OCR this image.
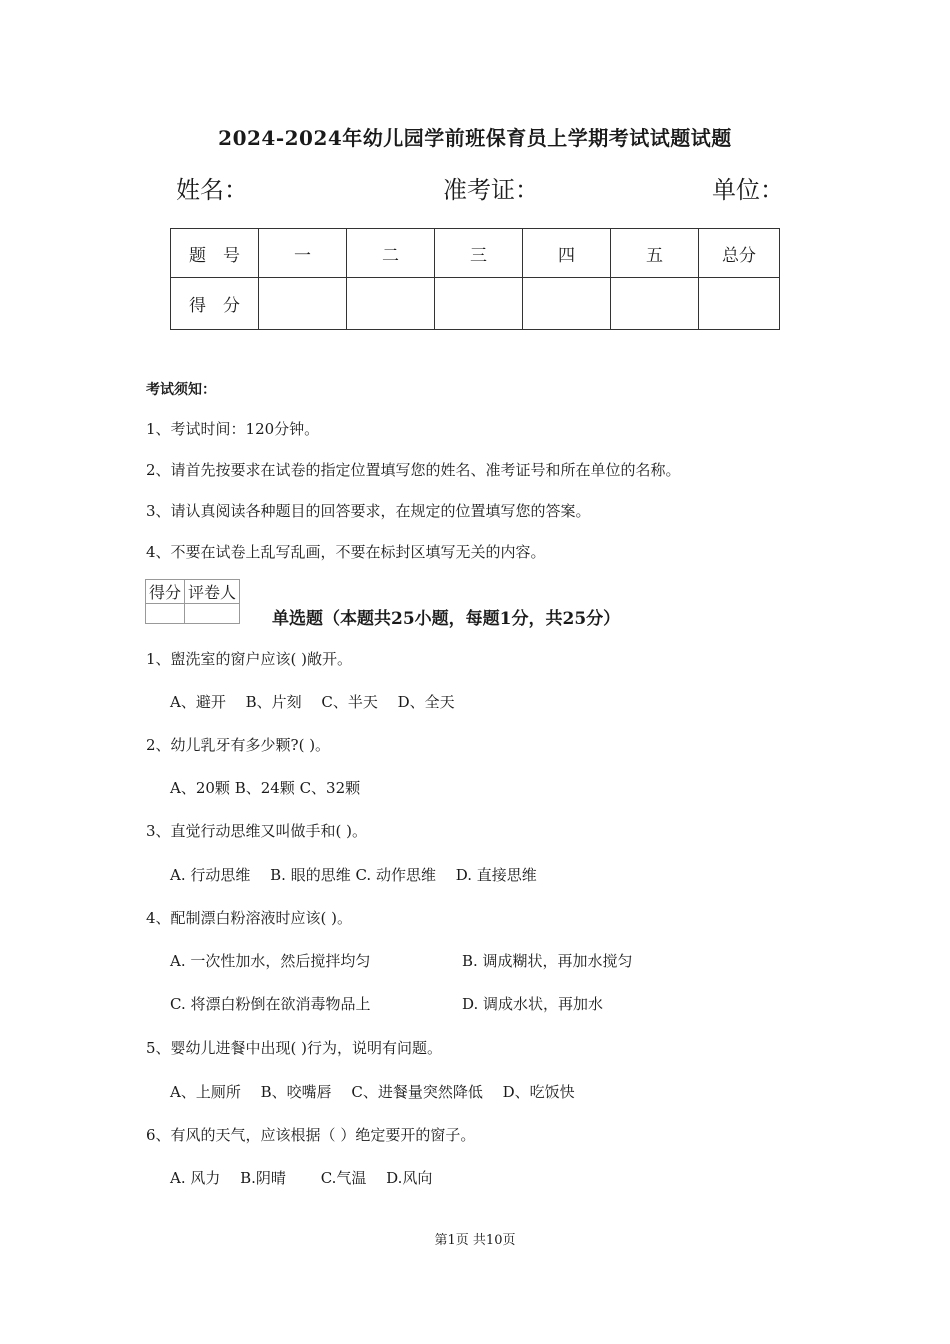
2024-2024年幼儿园学前班保育员上学期考试试题试题
姓名：	准考证：	单位：
题　号	一	二	三	四	五	总分
得　分						
考试须知：
1、考试时间：120分钟。
2、请首先按要求在试卷的指定位置填写您的姓名、准考证号和所在单位的名称。
3、请认真阅读各种题目的回答要求，在规定的位置填写您的答案。
4、不要在试卷上乱写乱画，不要在标封区填写无关的内容。
得分	评卷人

单选题（本题共25小题，每题1分，共25分）
1、盥洗室的窗户应该( )敞开。
A、避开　 B、片刻　 C、半天　 D、全天
2、幼儿乳牙有多少颗?( )。
A、20颗 B、24颗 C、32颗
3、直觉行动思维又叫做手和( )。
A. 行动思维　 B. 眼的思维 C. 动作思维　 D. 直接思维
4、配制漂白粉溶液时应该( )。
A. 一次性加水，然后搅拌均匀	B. 调成糊状，再加水搅匀
C. 将漂白粉倒在欲消毒物品上	D. 调成水状，再加水
5、婴幼儿进餐中出现( )行为，说明有问题。
A、上厕所　 B、咬嘴唇　 C、进餐量突然降低　 D、吃饭快
6、有风的天气，应该根据（ ）绝定要开的窗子。
A. 风力　 B.阴晴　　 C.气温　 D.风向
第1页 共10页
